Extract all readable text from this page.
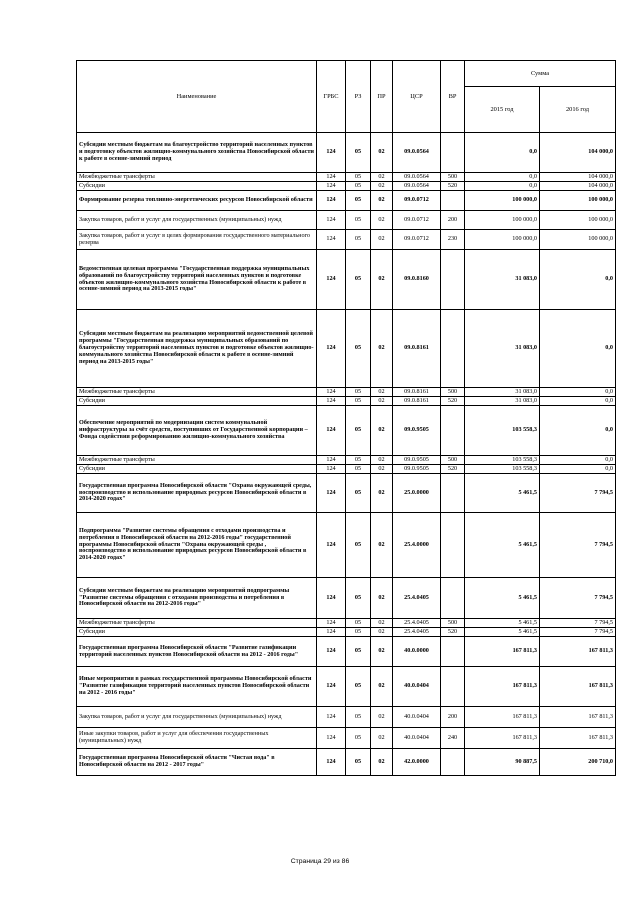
Наименование	ГРБС	РЗ	ПР	ЦСР	ВР	Сумма	
						2015 год	2016 год
Субсидии местным бюджетам на благоустройство территорий населенных пунктов и подготовку объектов жилищно-коммунального хозяйства Новосибирской области к работе в осенне-зимний период	124	05	02	09.0.0564		0,0	104 000,0
Межбюджетные трансферты	124	05	02	09.0.0564	500	0,0	104 000,0
Субсидии	124	05	02	09.0.0564	520	0,0	104 000,0
Формирование резерва топливно-энергетических ресурсов Новосибирской области	124	05	02	09.0.0712		100 000,0	100 000,0
Закупка товаров, работ и услуг для государственных (муниципальных) нужд	124	05	02	09.0.0712	200	100 000,0	100 000,0
Закупка товаров, работ и услуг в целях формирования государственного материального резерва	124	05	02	09.0.0712	230	100 000,0	100 000,0
Ведомственная целевая программа "Государственная поддержка муниципальных образований по благоустройству территорий населенных пунктов и подготовке объектов жилищно-коммунального хозяйства Новосибирской области к работе в осенне-зимний период на 2013-2015 годы"	124	05	02	09.0.8160		31 083,0	0,0
Субсидии местным бюджетам на реализацию мероприятий ведомственной целевой программы "Государственная поддержка муниципальных образований по благоустройству территорий населенных пунктов и подготовке объектов жилищно-коммунального хозяйства Новосибирской области к работе в осенне-зимний период на 2013-2015 годы"	124	05	02	09.0.8161		31 083,0	0,0
Межбюджетные трансферты	124	05	02	09.0.8161	500	31 083,0	0,0
Субсидии	124	05	02	09.0.8161	520	31 083,0	0,0
Обеспечение мероприятий по модернизации систем коммунальной инфраструктуры за счёт средств, поступивших от Государственной корпорации – Фонда содействия реформированию жилищно-коммунального хозяйства	124	05	02	09.0.9505		103 558,3	0,0
Межбюджетные трансферты	124	05	02	09.0.9505	500	103 558,3	0,0
Субсидии	124	05	02	09.0.9505	520	103 558,3	0,0
Государственная программа Новосибирской области "Охрана окружающей среды, воспроизводство и использование природных ресурсов Новосибирской области в 2014-2020 годах"	124	05	02	25.0.0000		5 461,5	7 794,5
Подпрограмма "Развитие системы обращения с отходами производства и потребления в Новосибирской области на 2012-2016 годы" государственной программы Новосибирской области "Охрана окружающей среды , воспроизводство и использование природных ресурсов Новосибирской области в 2014-2020 годах"	124	05	02	25.4.0000		5 461,5	7 794,5
Субсидии местным бюджетам на реализацию мероприятий подпрограммы "Развитие системы обращения с отходами производства и потребления в Новосибирской области на 2012-2016 годы"	124	05	02	25.4.0405		5 461,5	7 794,5
Межбюджетные трансферты	124	05	02	25.4.0405	500	5 461,5	7 794,5
Субсидии	124	05	02	25.4.0405	520	5 461,5	7 794,5
Государственная программа Новосибирской области "Развитие газификации территорий населенных пунктов Новосибирской области на 2012 - 2016 годы"	124	05	02	40.0.0000		167 811,3	167 811,3
Иные мероприятия в рамках государственной программы Новосибирской области "Развитие газификации территорий населенных пунктов Новосибирской области на 2012 - 2016 годы"	124	05	02	40.0.0404		167 811,3	167 811,3
Закупка товаров, работ и услуг для государственных (муниципальных) нужд	124	05	02	40.0.0404	200	167 811,3	167 811,3
Иные закупки товаров, работ и услуг для обеспечения государственных (муниципальных) нужд	124	05	02	40.0.0404	240	167 811,3	167 811,3
Государственная программа Новосибирской области "Чистая вода" в Новосибирской области на 2012 - 2017 годы"	124	05	02	42.0.0000		90 887,5	200 710,0
Страница 29 из 86
